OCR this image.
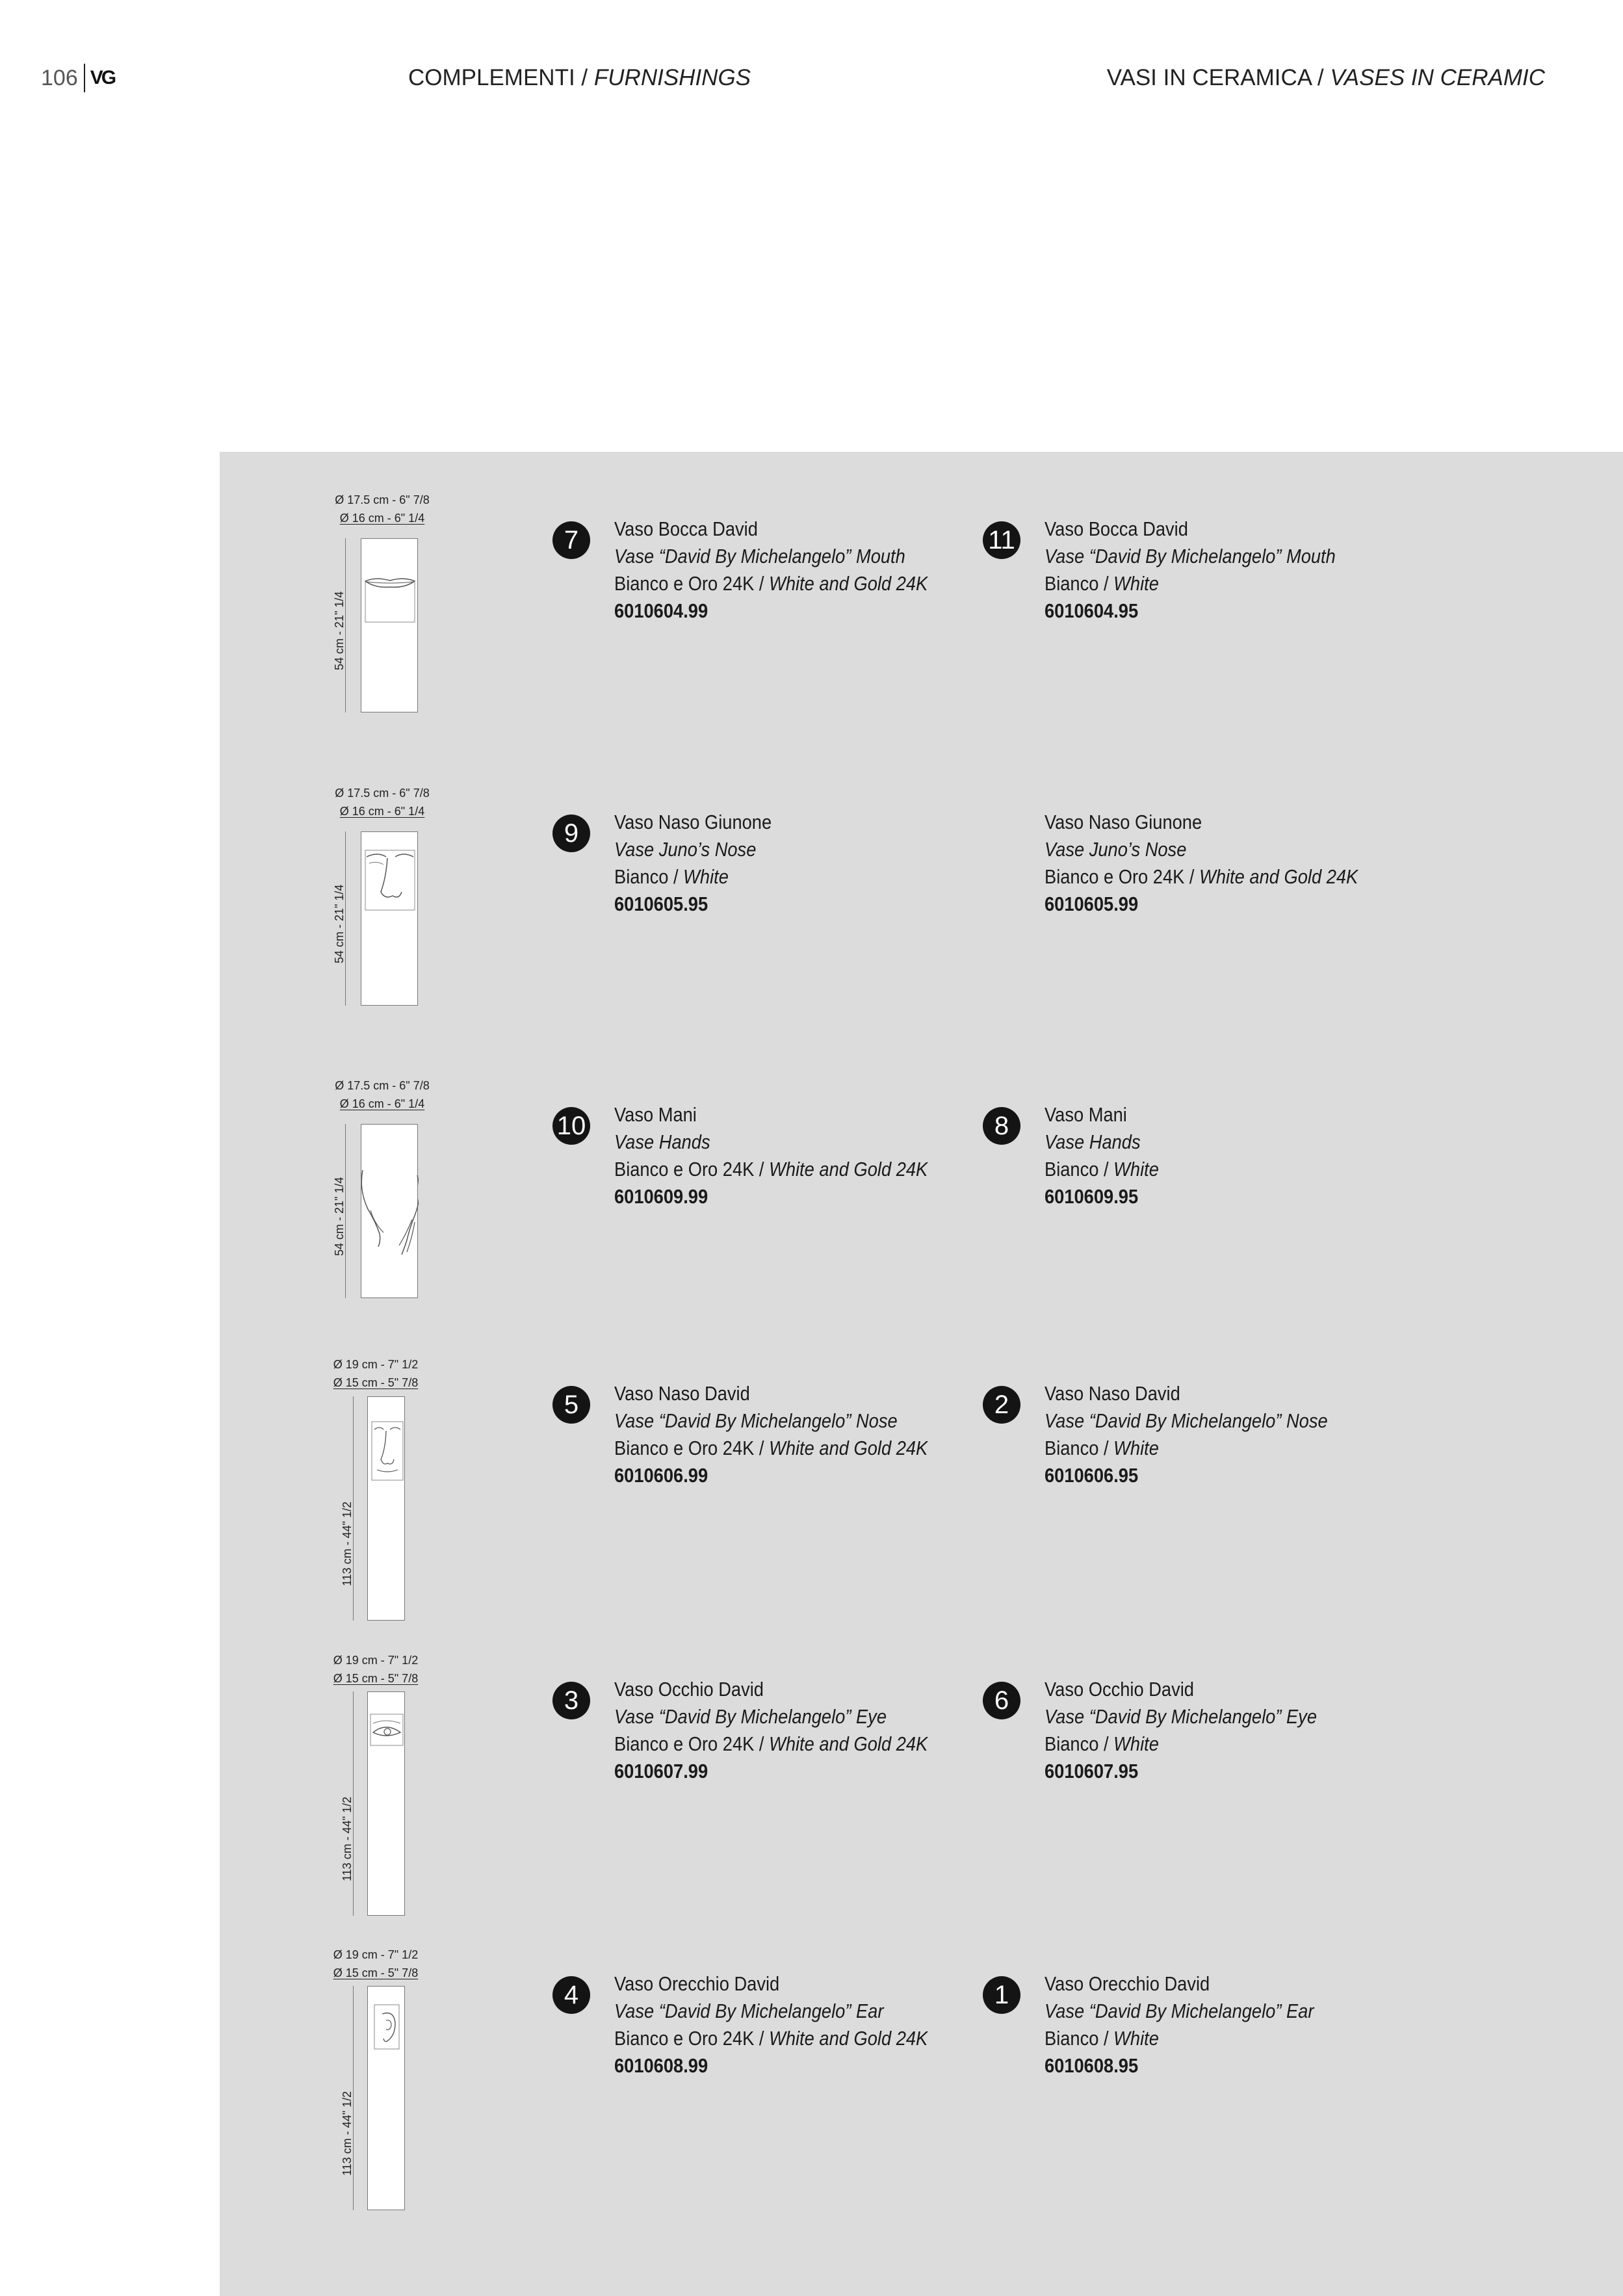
106 VG	COMPLEMENTI / FURNISHINGS	VASI IN CERAMICA / VASES IN CERAMIC
Ø 17.5 cm - 6" 7/8
Ø 16 cm - 6" 1/4
54 cm - 21" 1/4
7	Vaso Bocca David
Vase “David By Michelangelo” Mouth
Bianco e Oro 24K / White and Gold 24K
6010604.99
11 Vaso Bocca David
Vase “David By Michelangelo” Mouth
Bianco / White
6010604.95
Ø 17.5 cm - 6" 7/8
Ø 16 cm - 6" 1/4
54 cm - 21" 1/4
9	Vaso Naso Giunone
Vase Juno’s Nose
Bianco / White
6010605.95
Vaso Naso Giunone
Vase Juno’s Nose
Bianco e Oro 24K / White and Gold 24K
6010605.99
Ø 17.5 cm - 6" 7/8
Ø 16 cm - 6" 1/4
54 cm - 21" 1/4
10 Vaso Mani
Vase Hands
Bianco e Oro 24K / White and Gold 24K
6010609.99
8	Vaso Mani
Vase Hands
Bianco / White
6010609.95
Ø 19 cm - 7" 1/2
Ø 15 cm - 5" 7/8
113 cm - 44" 1/2
5	Vaso Naso David
Vase “David By Michelangelo” Nose
Bianco e Oro 24K / White and Gold 24K
6010606.99
2	Vaso Naso David
Vase “David By Michelangelo” Nose
Bianco / White
6010606.95
Ø 19 cm - 7" 1/2
Ø 15 cm - 5" 7/8
113 cm - 44" 1/2
3	Vaso Occhio David
Vase “David By Michelangelo” Eye
Bianco e Oro 24K / White and Gold 24K
6010607.99
6	Vaso Occhio David
Vase “David By Michelangelo” Eye
Bianco / White
6010607.95
Ø 19 cm - 7" 1/2
Ø 15 cm - 5" 7/8
113 cm - 44" 1/2
4	Vaso Orecchio David
Vase “David By Michelangelo” Ear
Bianco e Oro 24K / White and Gold 24K
6010608.99
1	Vaso Orecchio David
Vase “David By Michelangelo” Ear
Bianco / White
6010608.95
